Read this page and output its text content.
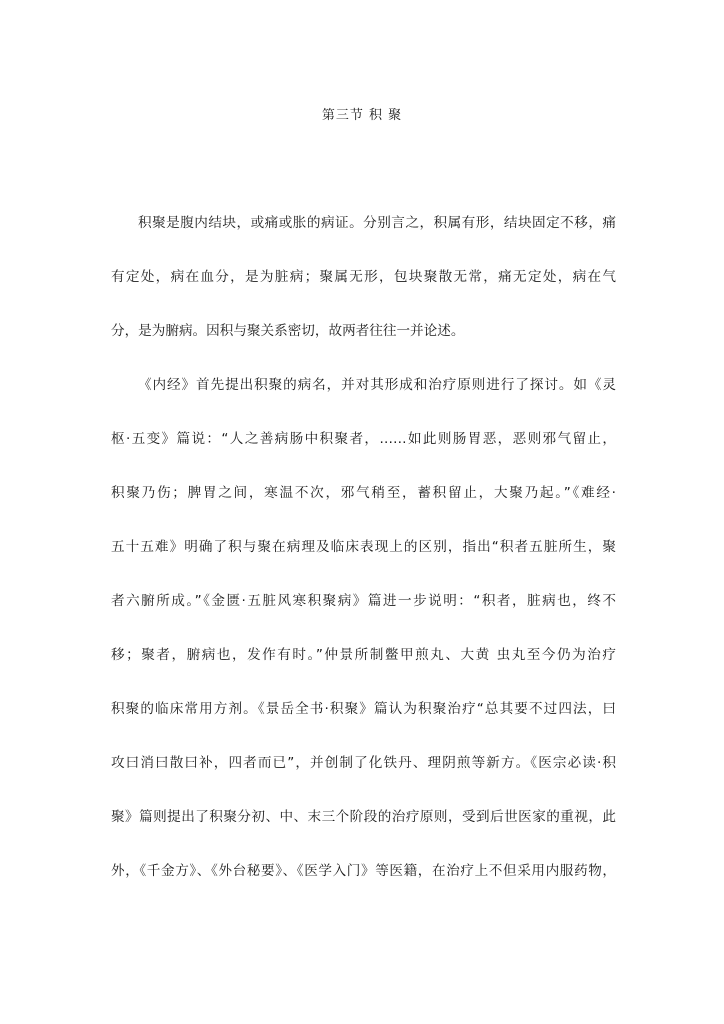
第三节 积 聚
积聚是腹内结块，或痛或胀的病证。分别言之，积属有形，结块固定不移，痛
有定处，病在血分，是为脏病；聚属无形，包块聚散无常，痛无定处，病在气
分，是为腑病。因积与聚关系密切，故两者往往一并论述。
《内经》首先提出积聚的病名，并对其形成和治疗原则进行了探讨。如《灵
枢·五变》篇说：“人之善病肠中积聚者，……如此则肠胃恶，恶则邪气留止，
积聚乃伤；脾胃之间，寒温不次，邪气稍至，蓄积留止，大聚乃起。”《难经·
五十五难》明确了积与聚在病理及临床表现上的区别，指出“积者五脏所生，聚
者六腑所成。”《金匮·五脏风寒积聚病》篇进一步说明：“积者，脏病也，终不
移；聚者，腑病也，发作有时。”仲景所制鳖甲煎丸、大黄 虫丸至今仍为治疗
积聚的临床常用方剂。《景岳全书·积聚》篇认为积聚治疗“总其要不过四法，曰
攻曰消曰散曰补，四者而已”，并创制了化铁丹、理阴煎等新方。《医宗必读·积
聚》篇则提出了积聚分初、中、末三个阶段的治疗原则，受到后世医家的重视，此
外，《千金方》、《外台秘要》、《医学入门》等医籍，在治疗上不但采用内服药物，
